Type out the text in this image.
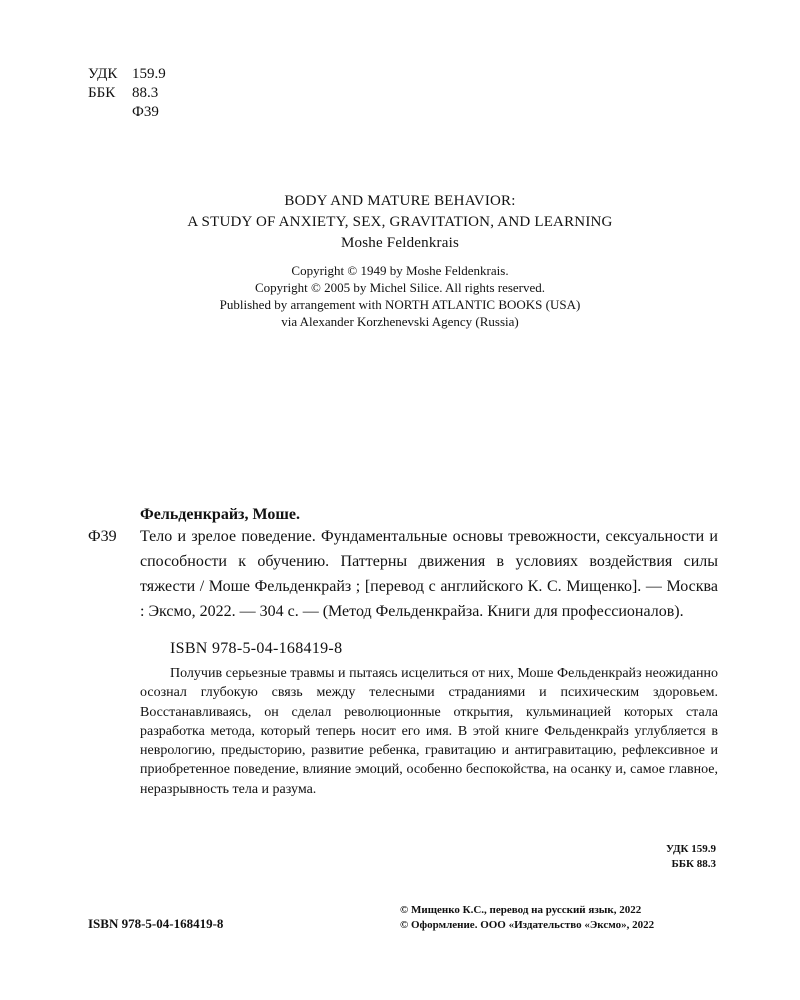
УДК 159.9
ББК 88.3
Ф39
BODY AND MATURE BEHAVIOR:
A STUDY OF ANXIETY, SEX, GRAVITATION, AND LEARNING
Moshe Feldenkrais
Copyright © 1949 by Moshe Feldenkrais.
Copyright © 2005 by Michel Silice. All rights reserved.
Published by arrangement with NORTH ATLANTIC BOOKS (USA)
via Alexander Korzhenevski Agency (Russia)
Фельденкрайз, Моше.
Ф39 Тело и зрелое поведение. Фундаментальные основы тревожности, сексуальности и способности к обучению. Паттерны движения в условиях воздействия силы тяжести / Моше Фельденкрайз ; [перевод с английского К. С. Мищенко]. — Москва : Эксмо, 2022. — 304 с. — (Метод Фельденкрайза. Книги для профессионалов).

ISBN 978-5-04-168419-8

Получив серьезные травмы и пытаясь исцелиться от них, Моше Фельденкрайз неожиданно осознал глубокую связь между телесными страданиями и психическим здоровьем. Восстанавливаясь, он сделал революционные открытия, кульминацией которых стала разработка метода, который теперь носит его имя. В этой книге Фельденкрайз углубляется в неврологию, предысторию, развитие ребенка, гравитацию и антигравитацию, рефлексивное и приобретенное поведение, влияние эмоций, особенно беспокойства, на осанку и, самое главное, неразрывность тела и разума.

УДК 159.9
ББК 88.3
ISBN 978-5-04-168419-8
© Мищенко К.С., перевод на русский язык, 2022
© Оформление. ООО «Издательство «Эксмо», 2022
